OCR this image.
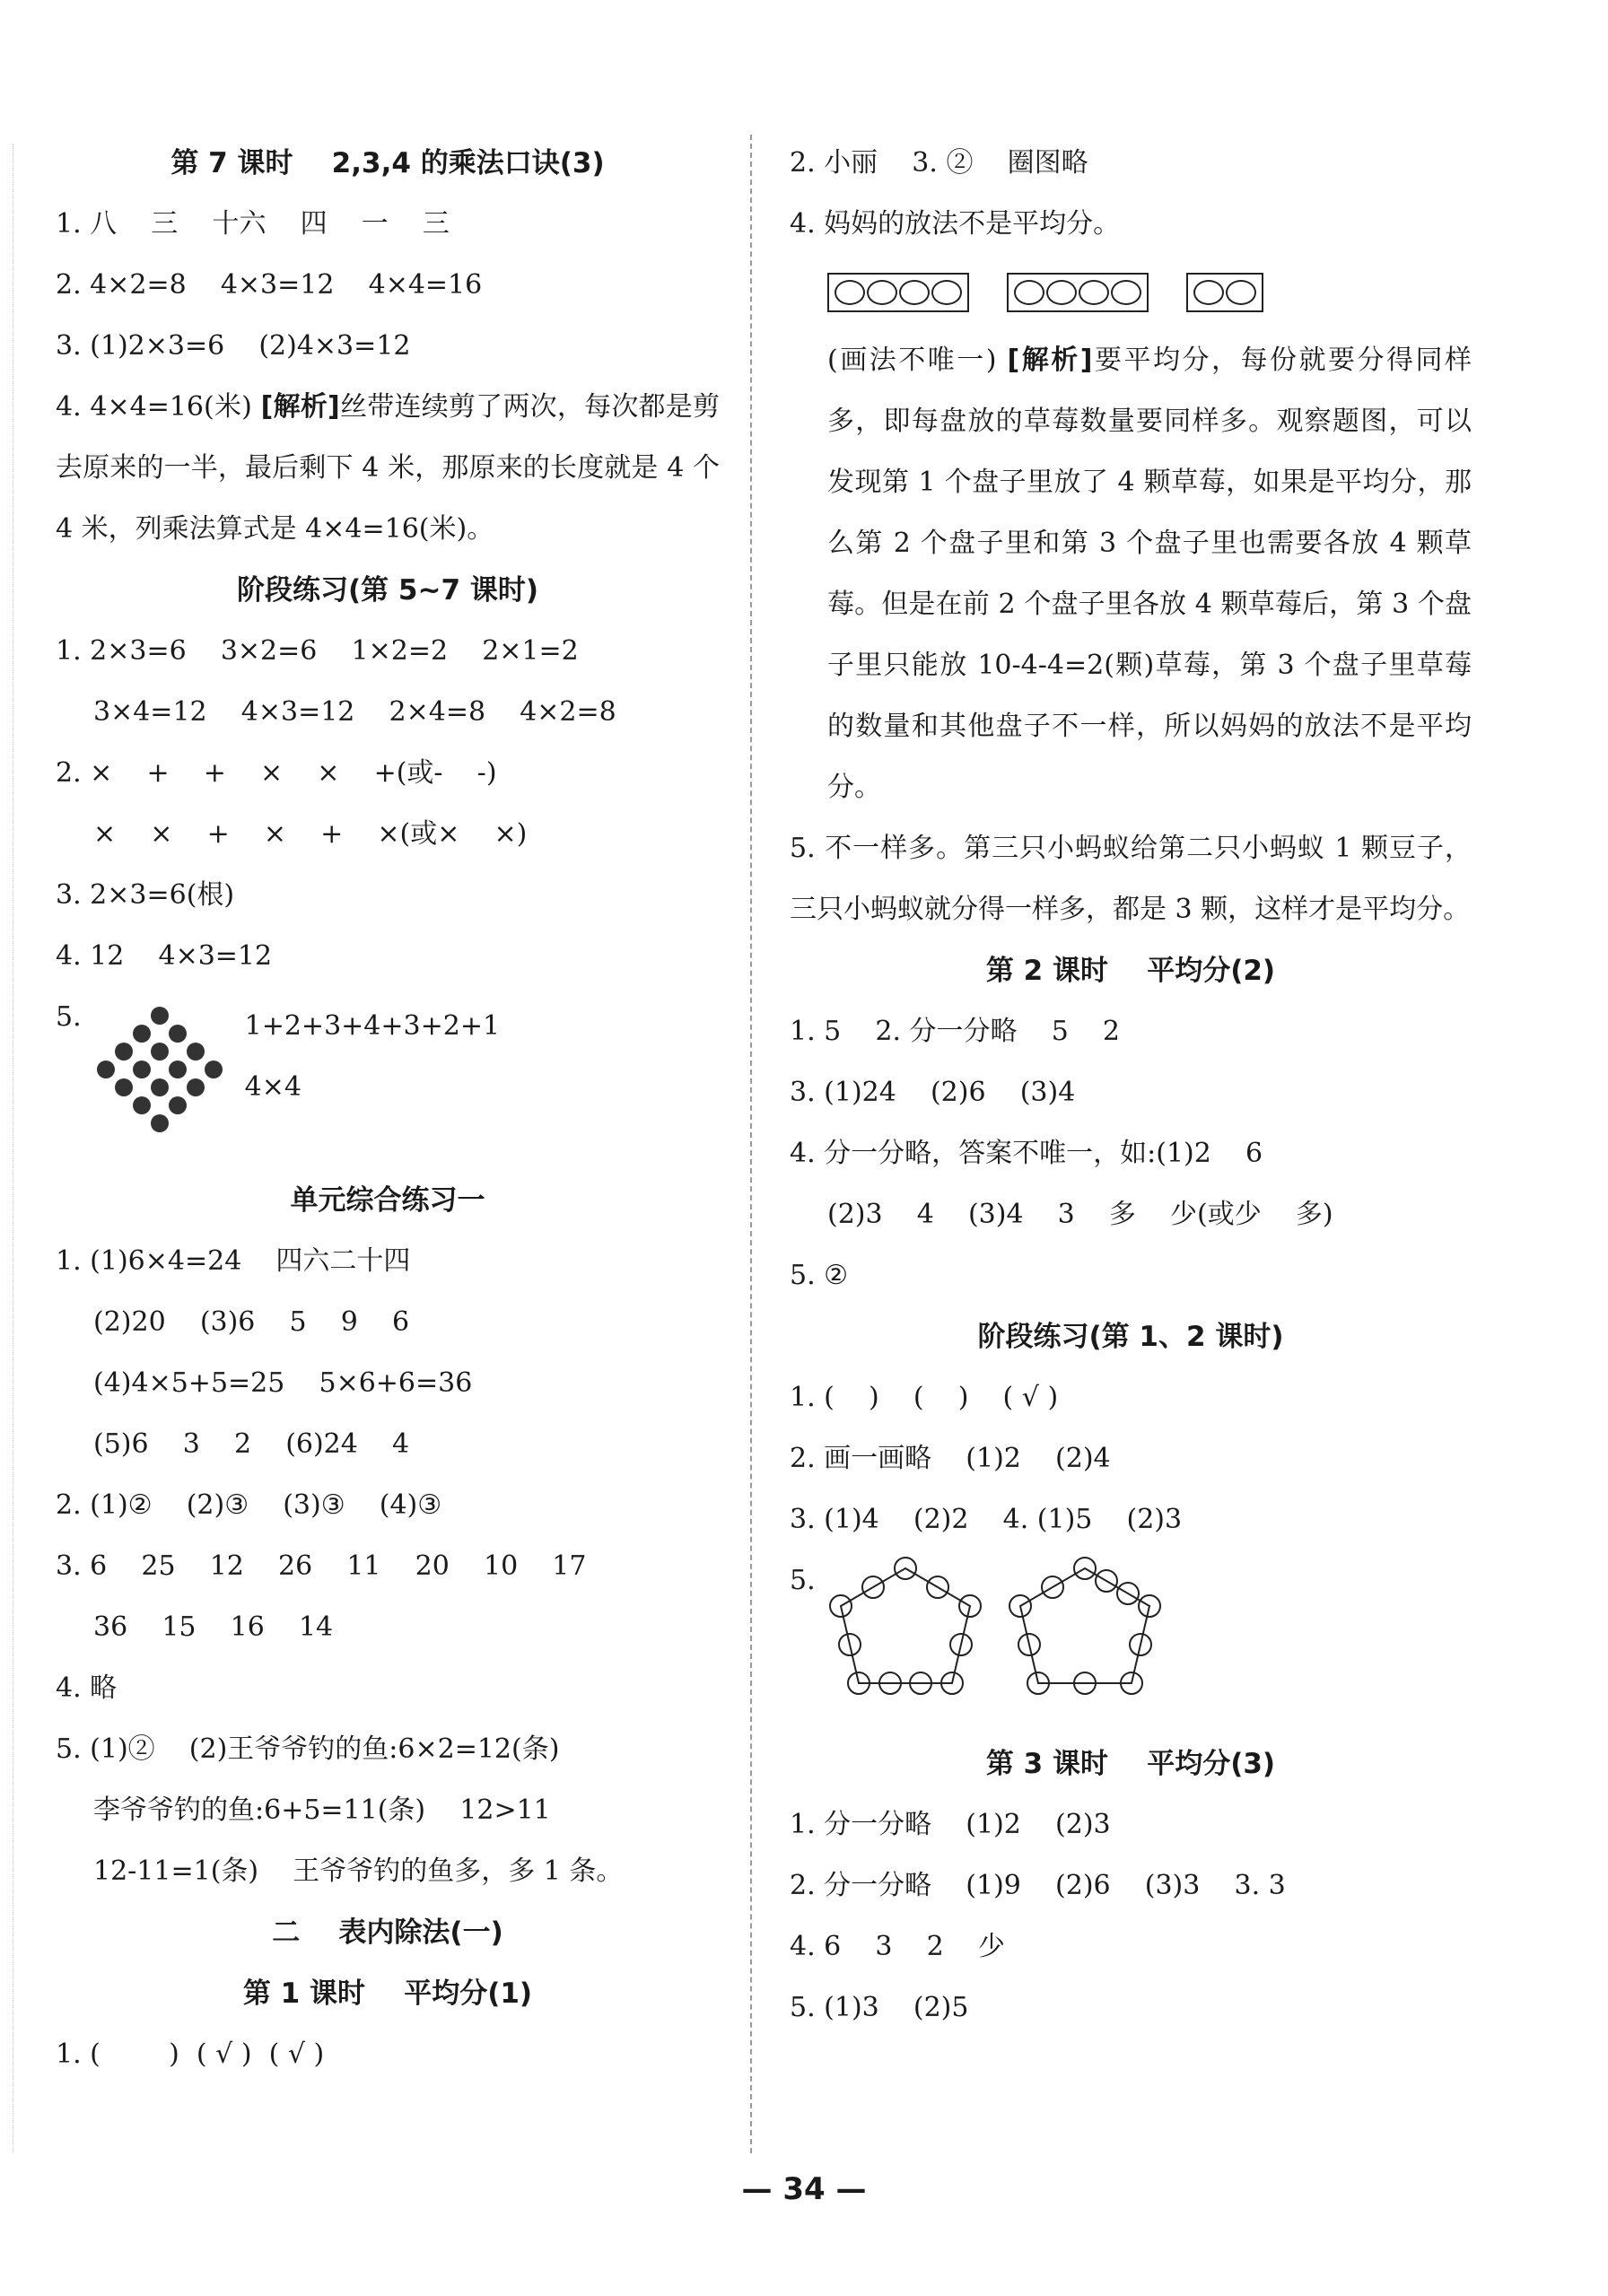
第 7 课时    2,3,4 的乘法口诀(3)
1. 八    三    十六    四    一    三
2. 4×2=8    4×3=12    4×4=16
3. (1)2×3=6    (2)4×3=12
4. 4×4=16(米) [解析]丝带连续剪了两次，每次都是剪去原来的一半，最后剩下 4 米，那原来的长度就是 4 个 4 米，列乘法算式是 4×4=16(米)。
阶段练习(第 5~7 课时)
1. 2×3=6    3×2=6    1×2=2    2×1=2
3×4=12    4×3=12    2×4=8    4×2=8
2. ×    +    +    ×    ×    +(或-    -)
×    ×    +    ×    +    ×(或×    ×)
3. 2×3=6(根)
4. 12    4×3=12
5.	1+2+3+4+3+2+1
4×4
单元综合练习一
1. (1)6×4=24    四六二十四
(2)20    (3)6    5    9    6
(4)4×5+5=25    5×6+6=36
(5)6    3    2    (6)24    4
2. (1)②    (2)③    (3)③    (4)③
3. 6    25    12    26    11    20    10    17
36    15    16    14
4. 略
5. (1)②    (2)王爷爷钓的鱼:6×2=12(条)
李爷爷钓的鱼:6+5=11(条)    12>11
12-11=1(条)    王爷爷钓的鱼多，多 1 条。
二    表内除法(一)
第 1 课时    平均分(1)
1. (        )  ( √ )  ( √ )
2. 小丽    3. ②    圈图略
4. 妈妈的放法不是平均分。
(画法不唯一) [解析]要平均分，每份就要分得同样多，即每盘放的草莓数量要同样多。观察题图，可以发现第 1 个盘子里放了 4 颗草莓，如果是平均分，那么第 2 个盘子里和第 3 个盘子里也需要各放 4 颗草莓。但是在前 2 个盘子里各放 4 颗草莓后，第 3 个盘子里只能放 10-4-4=2(颗)草莓，第 3 个盘子里草莓的数量和其他盘子不一样，所以妈妈的放法不是平均分。
5. 不一样多。第三只小蚂蚁给第二只小蚂蚁 1 颗豆子，三只小蚂蚁就分得一样多，都是 3 颗，这样才是平均分。
第 2 课时    平均分(2)
1. 5    2. 分一分略    5    2
3. (1)24    (2)6    (3)4
4. 分一分略，答案不唯一，如:(1)2    6
(2)3    4    (3)4    3    多    少(或少    多)
5. ②
阶段练习(第 1、2 课时)
1. (    )    (    )    ( √ )
2. 画一画略    (1)2    (2)4
3. (1)4    (2)2    4. (1)5    (2)3
5.
第 3 课时    平均分(3)
1. 分一分略    (1)2    (2)3
2. 分一分略    (1)9    (2)6    (3)3    3. 3
4. 6    3    2    少
5. (1)3    (2)5
— 34 —
